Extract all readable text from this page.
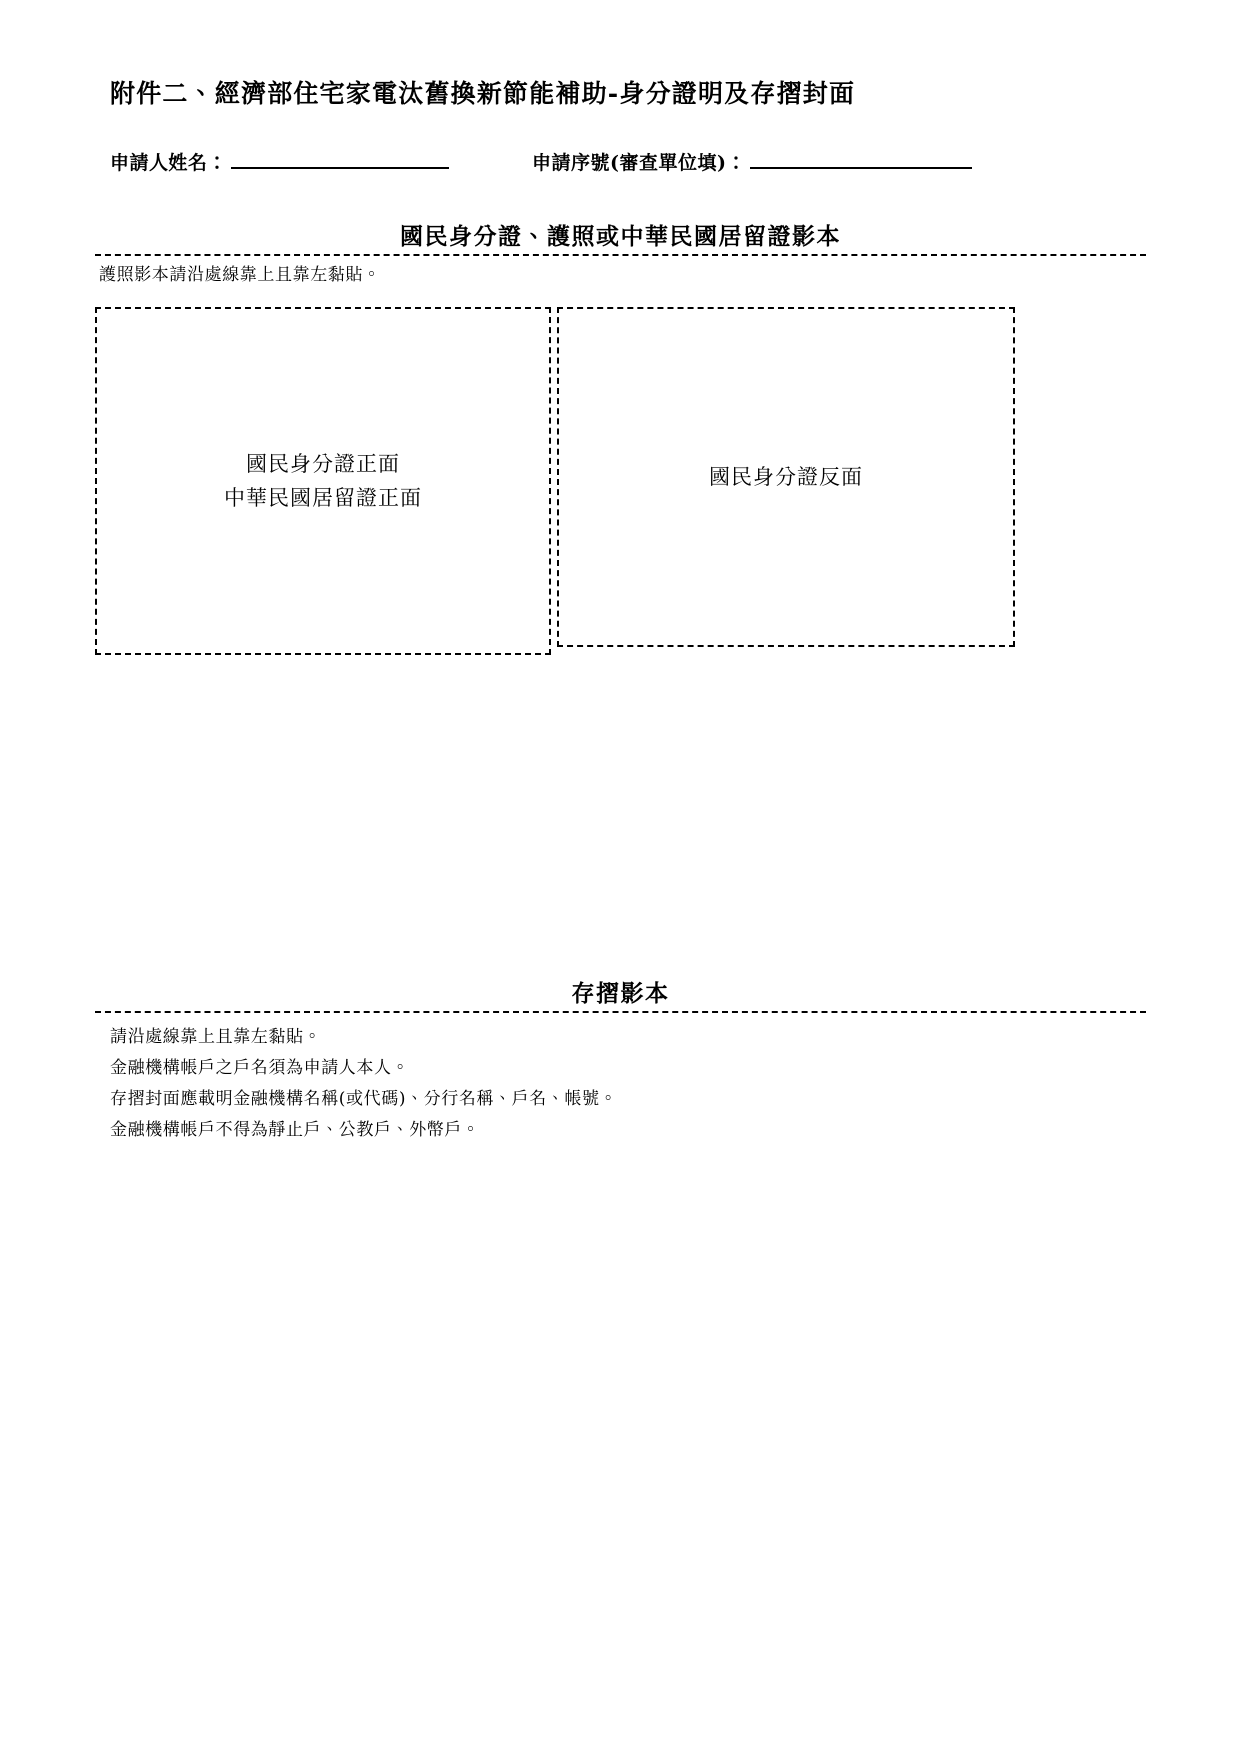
附件二、經濟部住宅家電汰舊換新節能補助-身分證明及存摺封面
申請人姓名：	申請序號(審查單位填)：
國民身分證、護照或中華民國居留證影本
護照影本請沿處線靠上且靠左黏貼。
國民身分證正面
中華民國居留證正面
國民身分證反面
存摺影本
請沿處線靠上且靠左黏貼。
金融機構帳戶之戶名須為申請人本人。
存摺封面應載明金融機構名稱(或代碼)、分行名稱、戶名、帳號。
金融機構帳戶不得為靜止戶、公教戶、外幣戶。
